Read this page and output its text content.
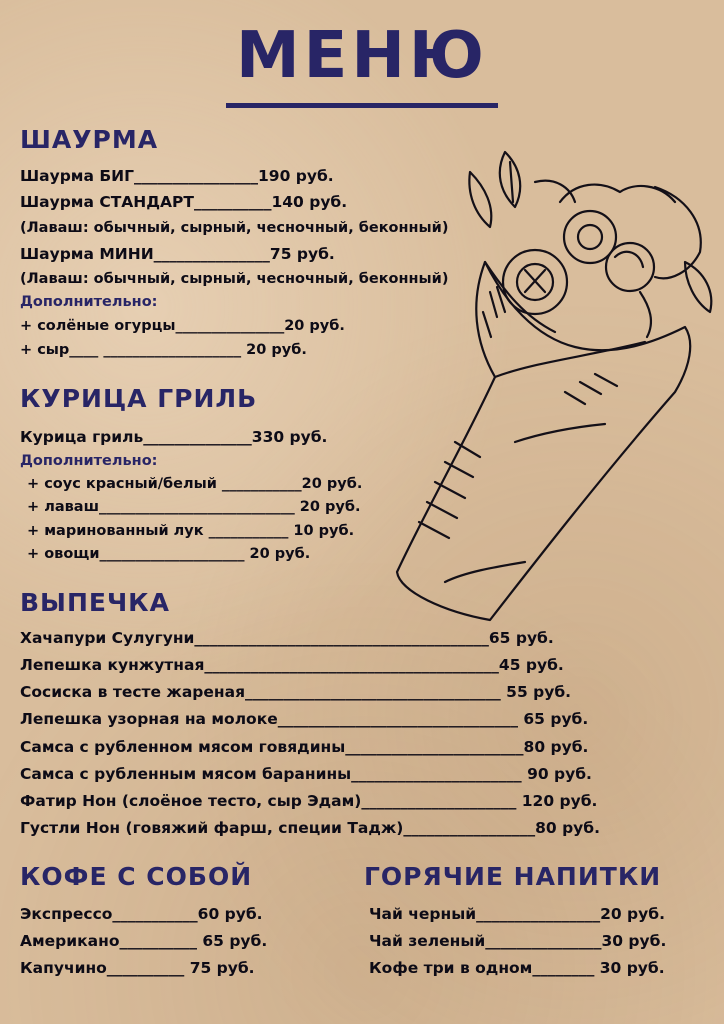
МЕНЮ
ШАУРМА
Шаурма БИГ________________190 руб.
Шаурма СТАНДАРТ__________140 руб.
(Лаваш: обычный, сырный, чесночный, беконный)
Шаурма МИНИ_______________75 руб.
(Лаваш: обычный, сырный, чесночный, беконный)
Дополнительно:
+ солёные огурцы_______________20 руб.
+ сыр____ ___________________ 20 руб.
КУРИЦА ГРИЛЬ
Курица гриль______________330 руб.
Дополнительно:
+ соус красный/белый ___________20 руб.
+ лаваш___________________________ 20 руб.
+ маринованный лук ___________ 10 руб.
+ овощи____________________ 20 руб.
ВЫПЕЧКА
Хачапури Сулугуни______________________________________65 руб.
Лепешка кунжутная______________________________________45 руб.
Сосиска в тесте жареная_________________________________ 55 руб.
Лепешка узорная на молоке_______________________________ 65 руб.
Самса с рубленном мясом говядины_______________________80 руб.
Самса с рубленным мясом баранины______________________ 90 руб.
Фатир Нон (слоёное тесто, сыр Эдам)____________________ 120 руб.
Густли Нон (говяжий фарш, специи Тадж)_________________80 руб.
КОФЕ С СОБОЙ
Экспрессо___________60 руб.
Американо__________ 65 руб.
Капучино__________ 75 руб.
ГОРЯЧИЕ НАПИТКИ
Чай черный________________20 руб.
Чай зеленый_______________30 руб.
Кофе три в одном________ 30 руб.
